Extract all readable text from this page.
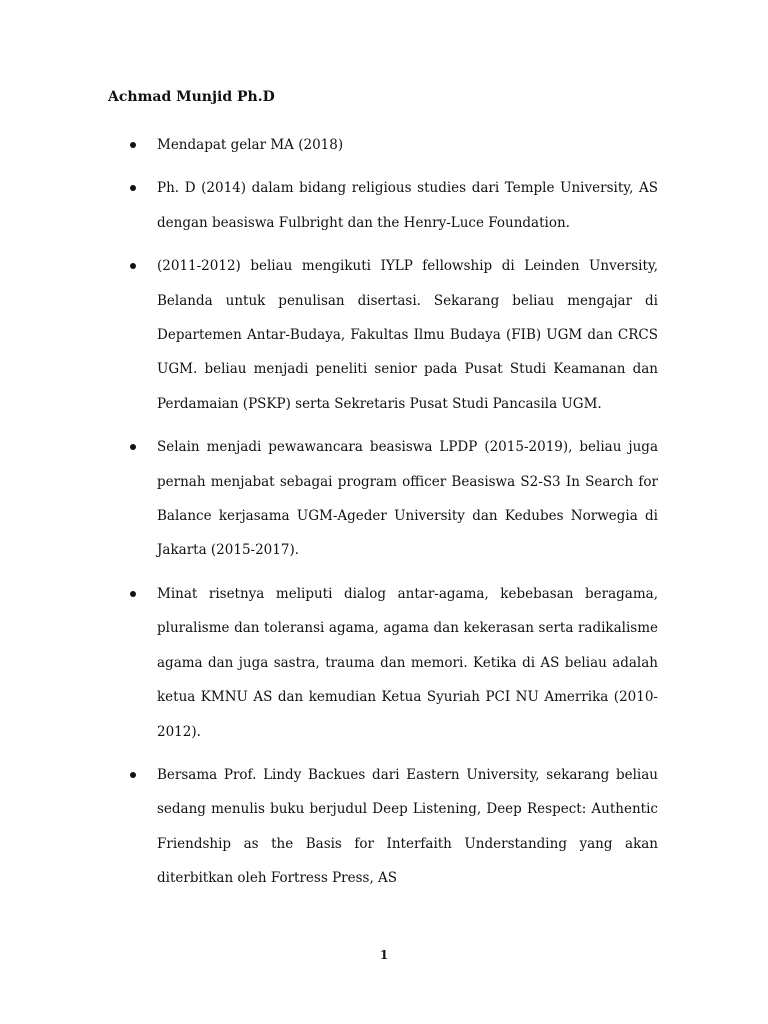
Achmad Munjid Ph.D
Mendapat gelar MA (2018)
Ph. D (2014) dalam bidang religious studies dari Temple University, AS dengan beasiswa Fulbright dan the Henry-Luce Foundation.
(2011-2012) beliau mengikuti IYLP fellowship di Leinden Unversity, Belanda untuk penulisan disertasi. Sekarang beliau mengajar di Departemen Antar-Budaya, Fakultas Ilmu Budaya (FIB) UGM dan CRCS UGM. beliau menjadi peneliti senior pada Pusat Studi Keamanan dan Perdamaian (PSKP) serta Sekretaris Pusat Studi Pancasila UGM.
Selain menjadi pewawancara beasiswa LPDP (2015-2019), beliau juga pernah menjabat sebagai program officer Beasiswa S2-S3 In Search for Balance kerjasama UGM-Ageder University dan Kedubes Norwegia di Jakarta (2015-2017).
Minat risetnya meliputi dialog antar-agama, kebebasan beragama, pluralisme dan toleransi agama, agama dan kekerasan serta radikalisme agama dan juga sastra, trauma dan memori. Ketika di AS beliau adalah ketua KMNU AS dan kemudian Ketua Syuriah PCI NU Amerrika (2010-2012).
Bersama Prof. Lindy Backues dari Eastern University, sekarang beliau sedang menulis buku berjudul Deep Listening, Deep Respect: Authentic Friendship as the Basis for Interfaith Understanding yang akan diterbitkan oleh Fortress Press, AS
1
